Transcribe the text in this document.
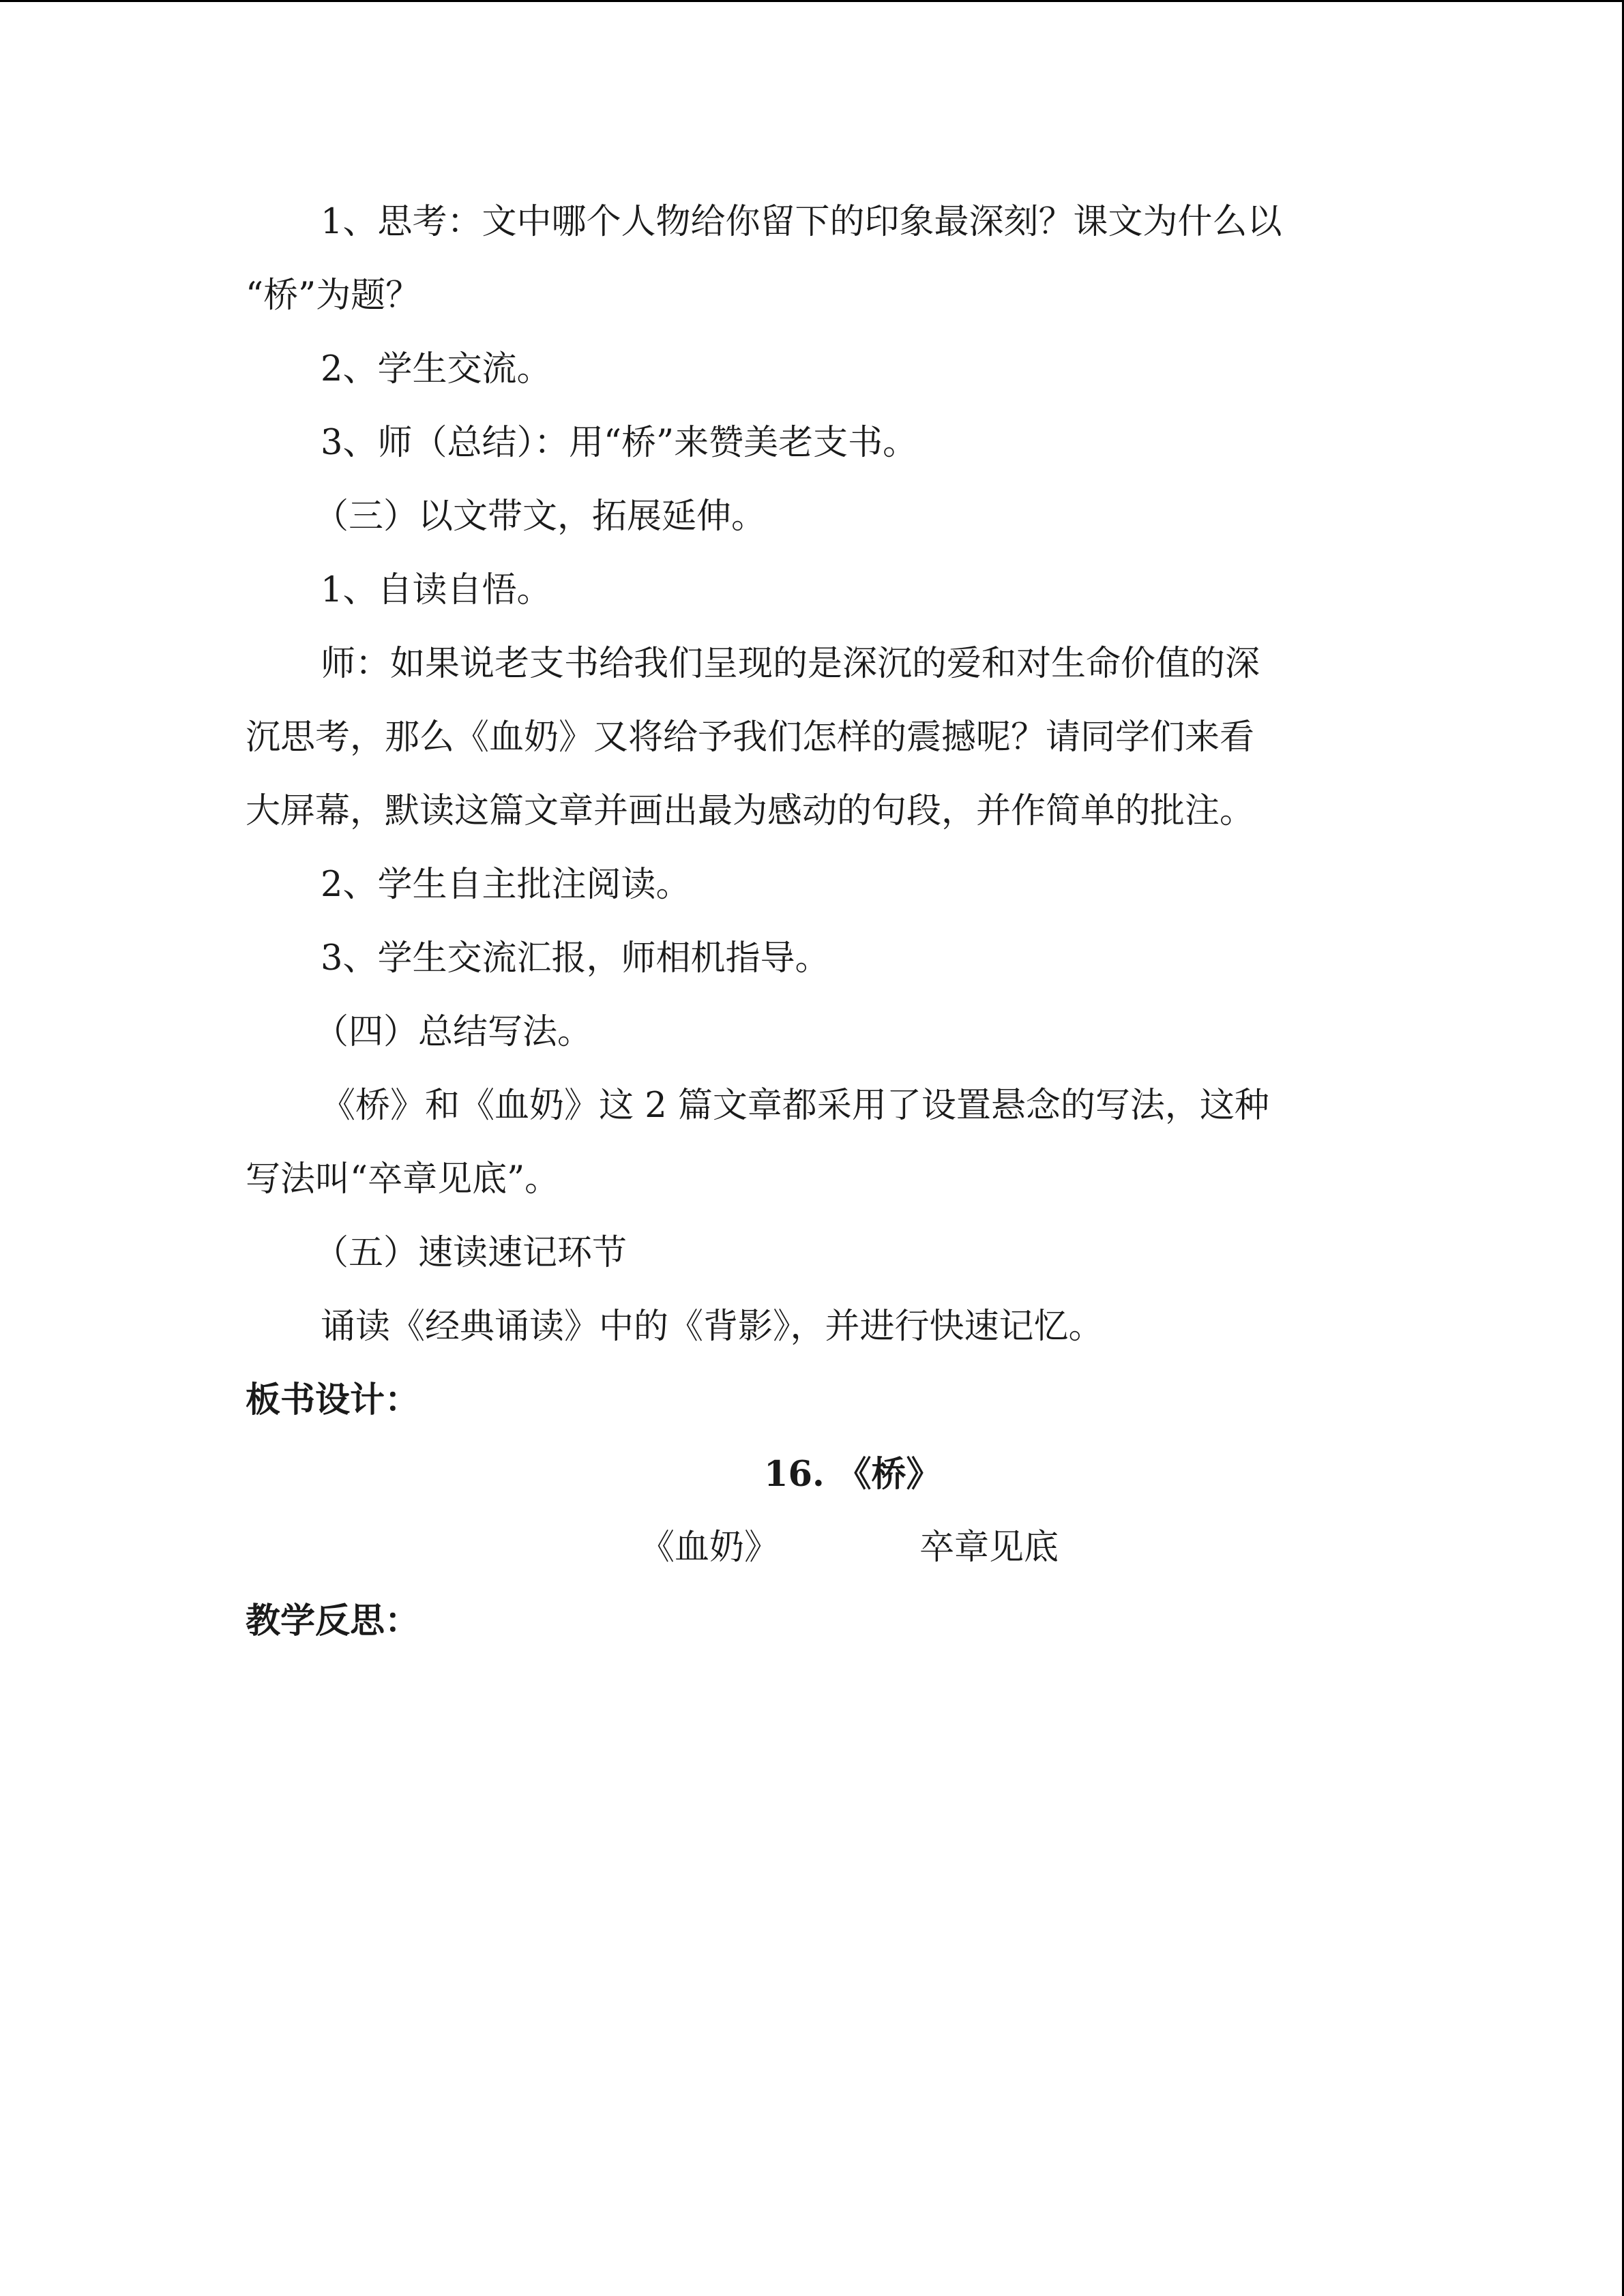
1、思考：文中哪个人物给你留下的印象最深刻？课文为什么以

“桥”为题？

2、学生交流。

3、师（总结）：用“桥”来赞美老支书。

（三）以文带文，拓展延伸。

1、自读自悟。

师：如果说老支书给我们呈现的是深沉的爱和对生命价值的深

沉思考，那么《血奶》又将给予我们怎样的震撼呢？请同学们来看

大屏幕，默读这篇文章并画出最为感动的句段，并作简单的批注。

2、学生自主批注阅读。

3、学生交流汇报，师相机指导。

（四）总结写法。

《桥》和《血奶》这 2 篇文章都采用了设置悬念的写法，这种

写法叫“卒章见底”。

（五）速读速记环节

诵读《经典诵读》中的《背影》，并进行快速记忆。

板书设计：

16. 《桥》

《血奶》	卒章见底

教学反思：
